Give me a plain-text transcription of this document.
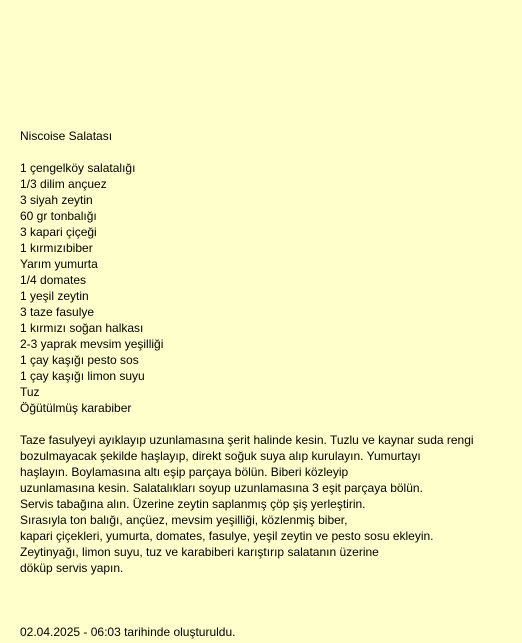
Niscoise Salatası
1 çengelköy salatalığı
1/3 dilim ançuez
3 siyah zeytin
60 gr tonbalığı
3 kapari çiçeği
1 kırmızıbiber
Yarım yumurta
1/4 domates
1 yeşil zeytin
3 taze fasulye
1 kırmızı soğan halkası
2-3 yaprak mevsim yeşilliği
1 çay kaşığı pesto sos
1 çay kaşığı limon suyu
Tuz
Öğütülmüş karabiber
Taze fasulyeyi ayıklayıp uzunlamasına şerit halinde kesin. Tuzlu ve kaynar suda rengi
bozulmayacak şekilde haşlayıp, direkt soğuk suya alıp kurulayın. Yumurtayı
haşlayın. Boylamasına altı eşip parçaya bölün. Biberi közleyip
uzunlamasına kesin. Salatalıkları soyup uzunlamasına 3 eşit parçaya bölün.
Servis tabağına alın. Üzerine zeytin saplanmış çöp şiş yerleştirin.
Sırasıyla ton balığı, ançüez, mevsim yeşilliği, közlenmiş biber,
kapari çiçekleri, yumurta, domates, fasulye, yeşil zeytin ve pesto sosu ekleyin.
Zeytinyağı, limon suyu, tuz ve karabiberi karıştırıp salatanın üzerine
döküp servis yapın.
02.04.2025 - 06:03 tarihinde oluşturuldu.
